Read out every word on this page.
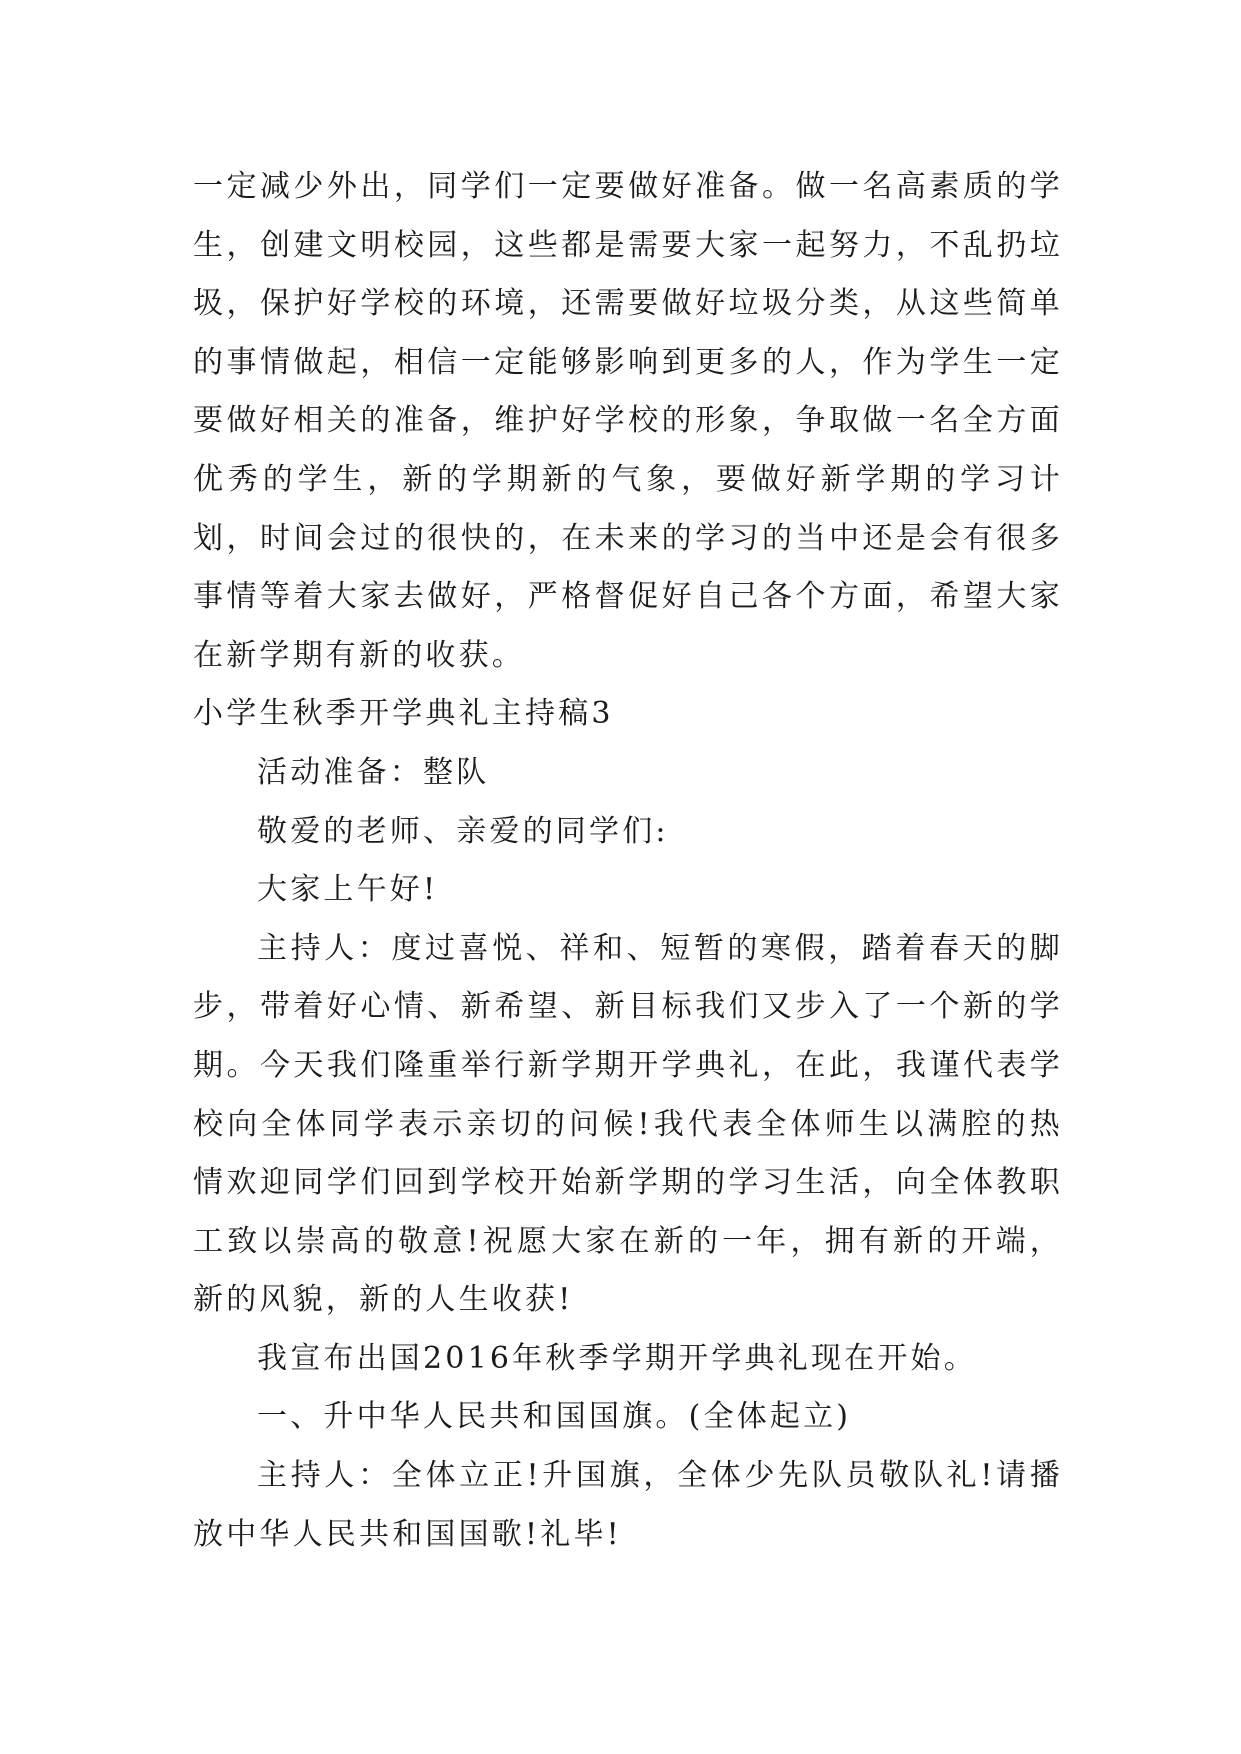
一定减少外出，同学们一定要做好准备。做一名高素质的学生，创建文明校园，这些都是需要大家一起努力，不乱扔垃圾，保护好学校的环境，还需要做好垃圾分类，从这些简单的事情做起，相信一定能够影响到更多的人，作为学生一定要做好相关的准备，维护好学校的形象，争取做一名全方面优秀的学生，新的学期新的气象，要做好新学期的学习计划，时间会过的很快的，在未来的学习的当中还是会有很多事情等着大家去做好，严格督促好自己各个方面，希望大家在新学期有新的收获。

小学生秋季开学典礼主持稿3

活动准备：整队

敬爱的老师、亲爱的同学们:

大家上午好!

主持人：度过喜悦、祥和、短暂的寒假，踏着春天的脚步，带着好心情、新希望、新目标我们又步入了一个新的学期。今天我们隆重举行新学期开学典礼，在此，我谨代表学校向全体同学表示亲切的问候!我代表全体师生以满腔的热情欢迎同学们回到学校开始新学期的学习生活，向全体教职工致以崇高的敬意!祝愿大家在新的一年，拥有新的开端，新的风貌，新的人生收获!

我宣布出国2016年秋季学期开学典礼现在开始。

一、升中华人民共和国国旗。(全体起立)

主持人：全体立正!升国旗，全体少先队员敬队礼!请播放中华人民共和国国歌!礼毕!
